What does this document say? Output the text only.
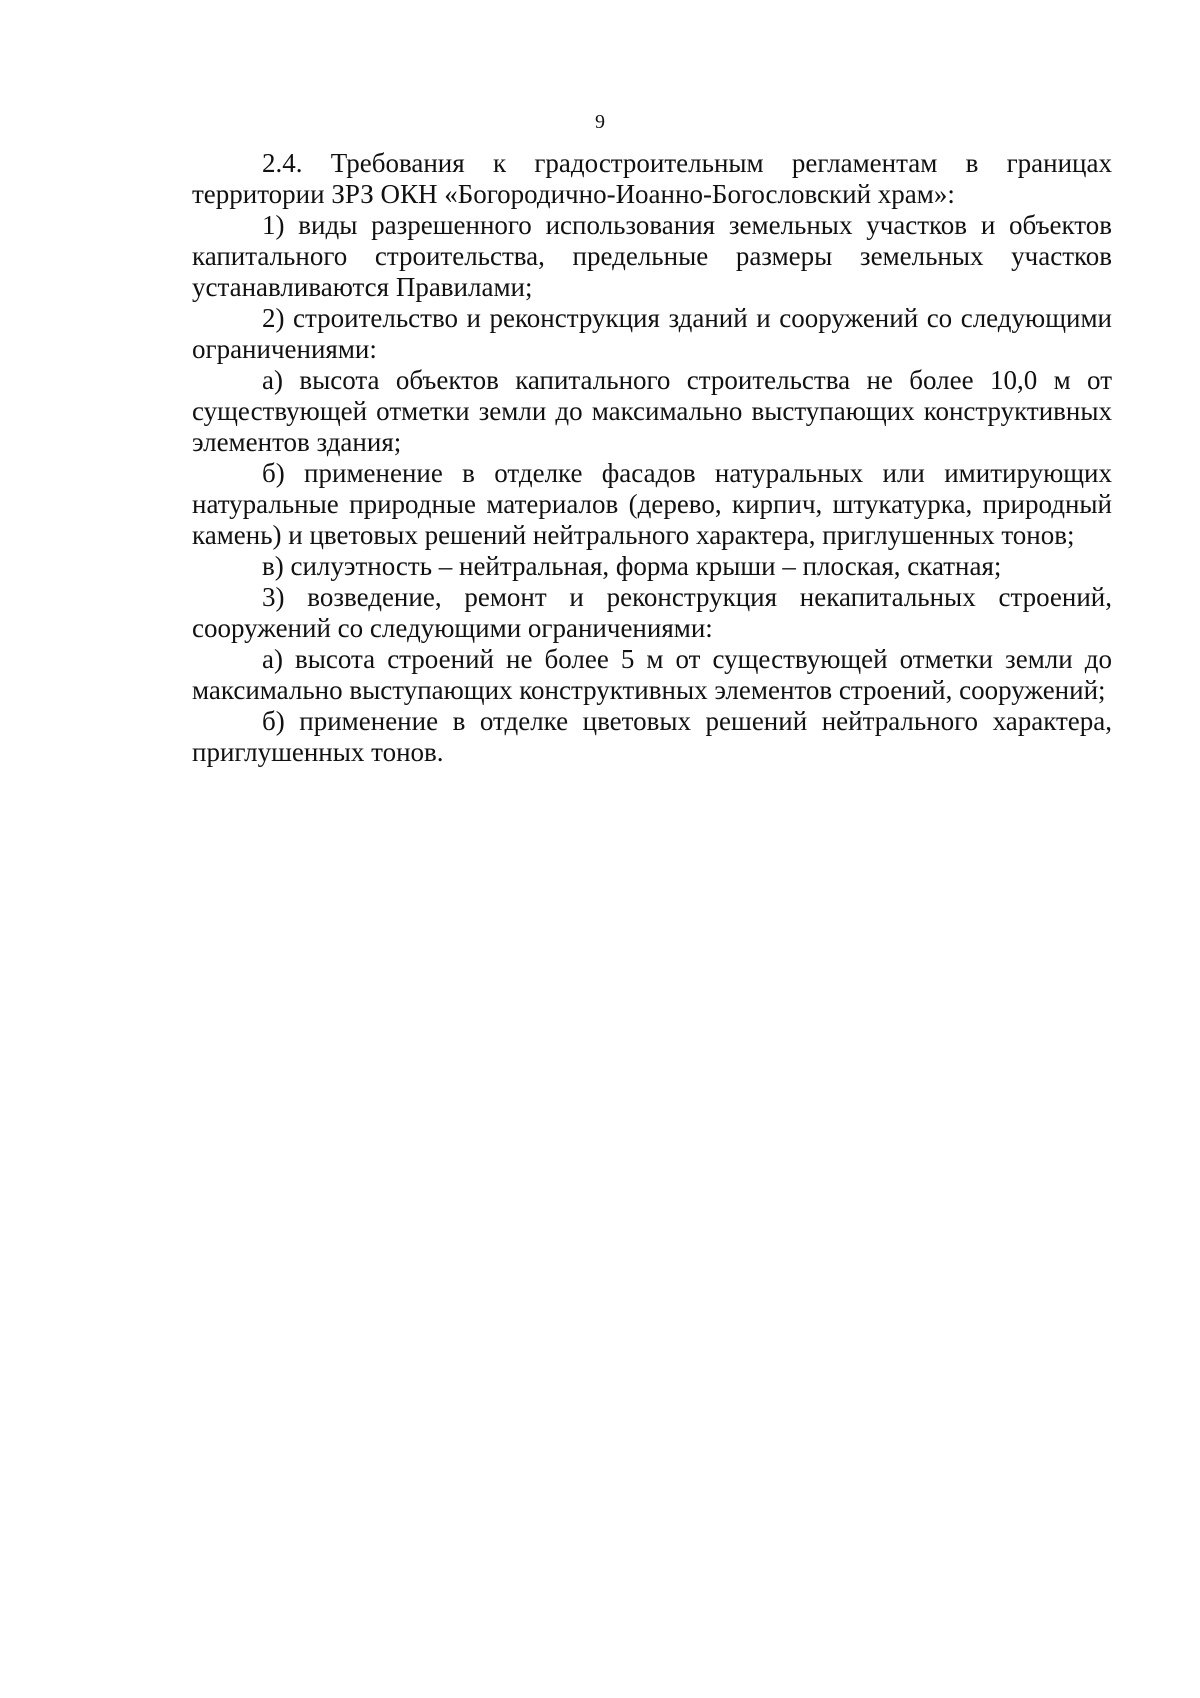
9

2.4. Требования к градостроительным регламентам в границах территории ЗРЗ ОКН «Богородично-Иоанно-Богословский храм»:

1) виды разрешенного использования земельных участков и объектов капитального строительства, предельные размеры земельных участков устанавливаются Правилами;

2) строительство и реконструкция зданий и сооружений со следующими ограничениями:

а) высота объектов капитального строительства не более 10,0 м от существующей отметки земли до максимально выступающих конструктивных элементов здания;

б) применение в отделке фасадов натуральных или имитирующих натуральные природные материалов (дерево, кирпич, штукатурка, природный камень) и цветовых решений нейтрального характера, приглушенных тонов;

в) силуэтность – нейтральная, форма крыши – плоская, скатная;

3) возведение, ремонт и реконструкция некапитальных строений, сооружений со следующими ограничениями:

а) высота строений не более 5 м от существующей отметки земли до максимально выступающих конструктивных элементов строений, сооружений;

б) применение в отделке цветовых решений нейтрального характера, приглушенных тонов.
